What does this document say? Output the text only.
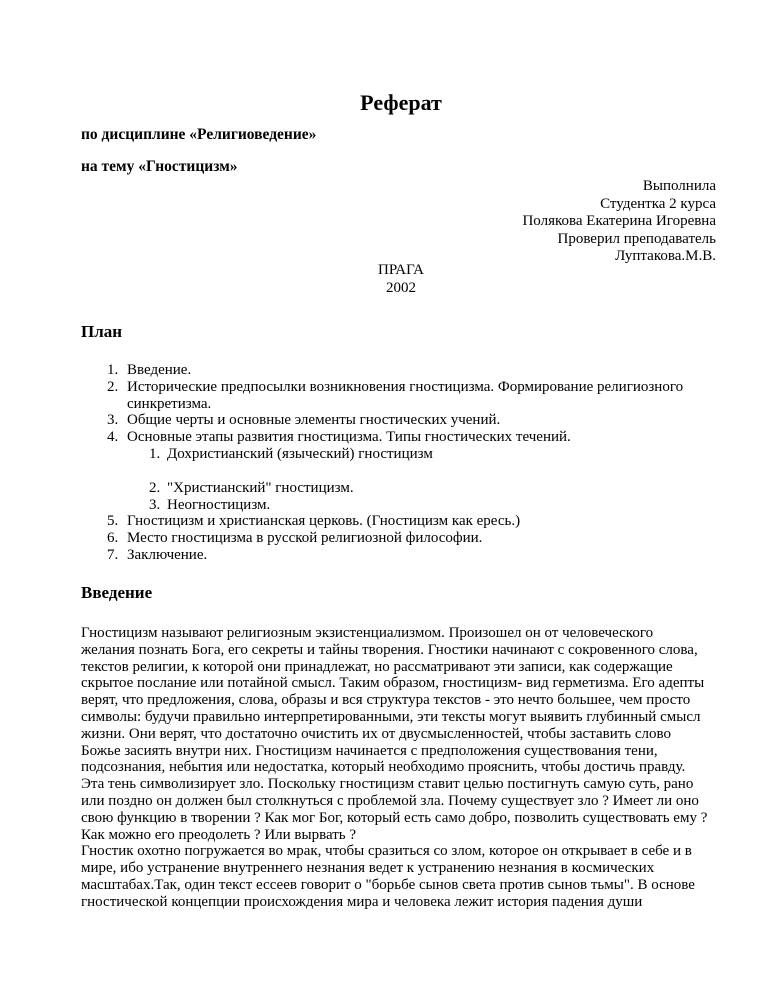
Реферат
по дисциплине «Религиоведение»
на тему «Гностицизм»
Выполнила
Студентка 2 курса
Полякова Екатерина Игоревна
Проверил преподаватель
Луптакова.М.В.
ПРАГА
2002
План
1. Введение.
2. Исторические предпосылки возникновения гностицизма. Формирование религиозного синкретизма.
3. Общие черты и основные элементы гностических учений.
4. Основные этапы развития гностицизма. Типы гностических течений.
1. Дохристианский (языческий) гностицизм
2. "Христианский" гностицизм.
3. Неогностицизм.
5. Гностицизм и христианская церковь. (Гностицизм как ересь.)
6. Место гностицизма в русской религиозной философии.
7. Заключение.
Введение

Гностицизм называют религиозным экзистенциализмом. Произошел он от человеческого желания познать Бога, его секреты и тайны творения. Гностики начинают с сокровенного слова, текстов религии, к которой они принадлежат, но рассматривают эти записи, как содержащие скрытое послание или потайной смысл. Таким образом, гностицизм- вид герметизма. Его адепты верят, что предложения, слова, образы и вся структура текстов - это нечто большее, чем просто символы: будучи правильно интерпретированными, эти тексты могут выявить глубинный смысл жизни. Они верят, что достаточно очистить их от двусмысленностей, чтобы заставить слово Божье засиять внутри них. Гностицизм начинается с предположения существования тени, подсознания, небытия или недостатка, который необходимо прояснить, чтобы достичь правду. Эта тень символизирует зло. Поскольку гностицизм ставит целью постигнуть самую суть, рано или поздно он должен был столкнуться с проблемой зла. Почему существует зло ? Имеет ли оно свою функцию в творении ? Как мог Бог, который есть само добро, позволить существовать ему ? Как можно его преодолеть ? Или вырвать ?

Гностик охотно погружается во мрак, чтобы сразиться со злом, которое он открывает в себе и в мире, ибо устранение внутреннего незнания ведет к устранению незнания в космических масштабах.Так, один текст ессеев говорит о "борьбе сынов света против сынов тьмы". В основе гностической концепции происхождения мира и человека лежит история падения души
